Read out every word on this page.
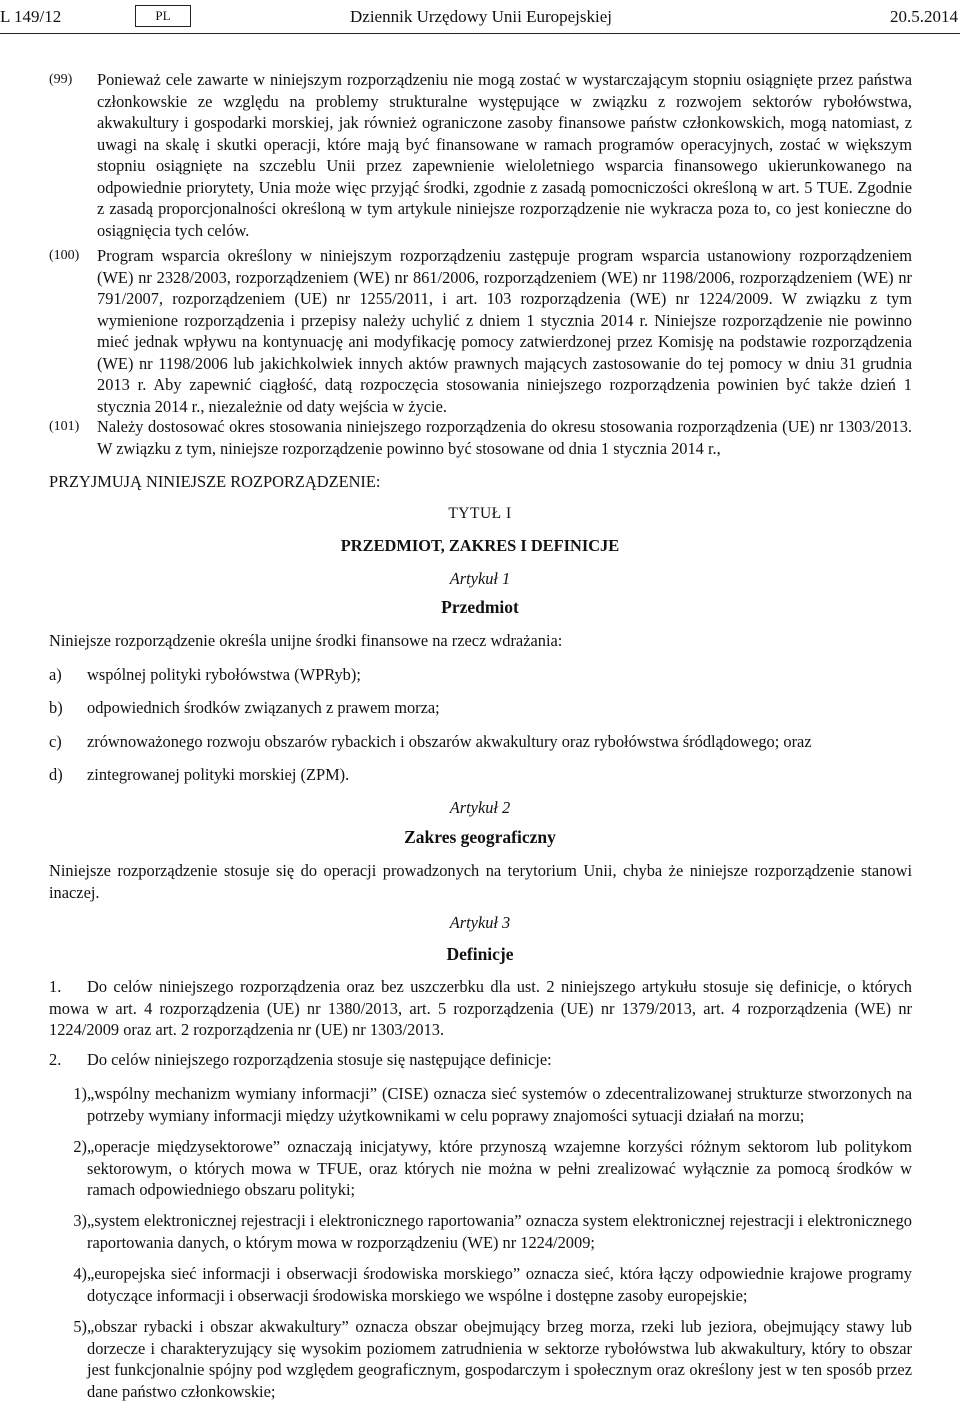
L 149/12	PL	Dziennik Urzędowy Unii Europejskiej	20.5.2014
(99) Ponieważ cele zawarte w niniejszym rozporządzeniu nie mogą zostać w wystarczającym stopniu osiągnięte przez państwa członkowskie ze względu na problemy strukturalne występujące w związku z rozwojem sektorów rybołówstwa, akwakultury i gospodarki morskiej, jak również ograniczone zasoby finansowe państw członkowskich, mogą natomiast, z uwagi na skalę i skutki operacji, które mają być finansowane w ramach programów operacyjnych, zostać w większym stopniu osiągnięte na szczeblu Unii przez zapewnienie wieloletniego wsparcia finansowego ukierunkowanego na odpowiednie priorytety, Unia może więc przyjąć środki, zgodnie z zasadą pomocniczości określoną w art. 5 TUE. Zgodnie z zasadą proporcjonalności określoną w tym artykule niniejsze rozporządzenie nie wykracza poza to, co jest konieczne do osiągnięcia tych celów.
(100) Program wsparcia określony w niniejszym rozporządzeniu zastępuje program wsparcia ustanowiony rozporządzeniem (WE) nr 2328/2003, rozporządzeniem (WE) nr 861/2006, rozporządzeniem (WE) nr 1198/2006, rozporządzeniem (WE) nr 791/2007, rozporządzeniem (UE) nr 1255/2011, i art. 103 rozporządzenia (WE) nr 1224/2009. W związku z tym wymienione rozporządzenia i przepisy należy uchylić z dniem 1 stycznia 2014 r. Niniejsze rozporządzenie nie powinno mieć jednak wpływu na kontynuację ani modyfikację pomocy zatwierdzonej przez Komisję na podstawie rozporządzenia (WE) nr 1198/2006 lub jakichkolwiek innych aktów prawnych mających zastosowanie do tej pomocy w dniu 31 grudnia 2013 r. Aby zapewnić ciągłość, datą rozpoczęcia stosowania niniejszego rozporządzenia powinien być także dzień 1 stycznia 2014 r., niezależnie od daty wejścia w życie.
(101) Należy dostosować okres stosowania niniejszego rozporządzenia do okresu stosowania rozporządzenia (UE) nr 1303/2013. W związku z tym, niniejsze rozporządzenie powinno być stosowane od dnia 1 stycznia 2014 r.,
PRZYJMUJĄ NINIEJSZE ROZPORZĄDZENIE:
TYTUŁ I
PRZEDMIOT, ZAKRES I DEFINICJE
Artykuł 1
Przedmiot
Niniejsze rozporządzenie określa unijne środki finansowe na rzecz wdrażania:
a) wspólnej polityki rybołówstwa (WPRyb);
b) odpowiednich środków związanych z prawem morza;
c) zrównoważonego rozwoju obszarów rybackich i obszarów akwakultury oraz rybołówstwa śródlądowego; oraz
d) zintegrowanej polityki morskiej (ZPM).
Artykuł 2
Zakres geograficzny
Niniejsze rozporządzenie stosuje się do operacji prowadzonych na terytorium Unii, chyba że niniejsze rozporządzenie stanowi inaczej.
Artykuł 3
Definicje
1. Do celów niniejszego rozporządzenia oraz bez uszczerbku dla ust. 2 niniejszego artykułu stosuje się definicje, o których mowa w art. 4 rozporządzenia (UE) nr 1380/2013, art. 5 rozporządzenia (UE) nr 1379/2013, art. 4 rozporządzenia (WE) nr 1224/2009 oraz art. 2 rozporządzenia nr (UE) nr 1303/2013.
2. Do celów niniejszego rozporządzenia stosuje się następujące definicje:
1) „wspólny mechanizm wymiany informacji” (CISE) oznacza sieć systemów o zdecentralizowanej strukturze stworzonych na potrzeby wymiany informacji między użytkownikami w celu poprawy znajomości sytuacji działań na morzu;
2) „operacje międzysektorowe” oznaczają inicjatywy, które przynoszą wzajemne korzyści różnym sektorom lub polityk​om sektorowym, o których mowa w TFUE, oraz których nie można w pełni zrealizować wyłącznie za pomocą środków w ramach odpowiedniego obszaru polityki;
3) „system elektronicznej rejestracji i elektronicznego raportowania” oznacza system elektronicznej rejestracji i elektronicznego raportowania danych, o którym mowa w rozporządzeniu (WE) nr 1224/2009;
4) „europejska sieć informacji i obserwacji środowiska morskiego” oznacza sieć, która łączy odpowiednie krajowe programy dotyczące informacji i obserwacji środowiska morskiego we wspólne i dostępne zasoby europejskie;
5) „obszar rybacki i obszar akwakultury” oznacza obszar obejmujący brzeg morza, rzeki lub jeziora, obejmujący stawy lub dorzecze i charakteryzujący się wysokim poziomem zatrudnienia w sektorze rybołówstwa lub akwakultury, który to obszar jest funkcjonalnie spójny pod względem geograficznym, gospodarczym i społecznym oraz określony jest w ten sposób przez dane państwo członkowskie;
